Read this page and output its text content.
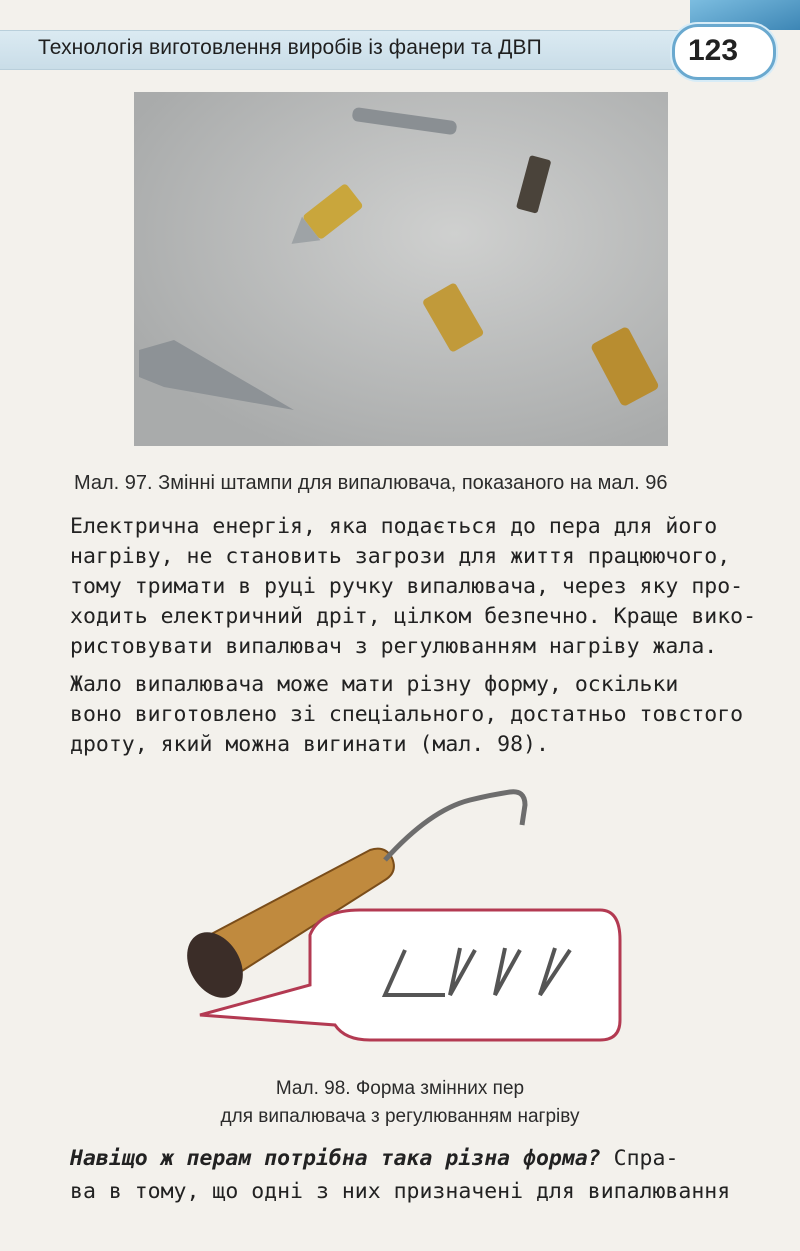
Технологія виготовлення виробів із фанери та ДВП	123
Мал. 97. Змінні штампи для випалювача, показаного на мал. 96
Електрична енергія, яка подається до пера для його
нагріву, не становить загрози для життя працюючого,
тому тримати в руці ручку випалювача, через яку про-
ходить електричний дріт, цілком безпечно. Краще вико-
ристовувати випалювач з регулюванням нагріву жала.
Жало випалювача може мати різну форму, оскільки
воно виготовлено зі спеціального, достатньо товстого
дроту, який можна вигинати (мал. 98).
Мал. 98. Форма змінних пер
для випалювача з регулюванням нагріву
Навіщо ж перам потрібна така різна форма? Спра-
ва в тому, що одні з них призначені для випалювання
